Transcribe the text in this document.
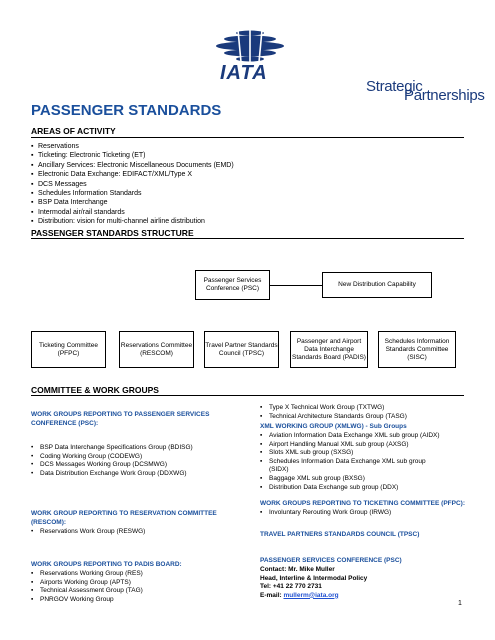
IATA
Strategic
Partnerships
PASSENGER STANDARDS
AREAS OF ACTIVITY
▪ Reservations
▪ Ticketing: Electronic Ticketing (ET)
▪ Ancillary Services: Electronic Miscellaneous Documents (EMD)
▪ Electronic Data Exchange: EDIFACT/XML/Type X
▪ DCS Messages
▪ Schedules Information Standards
▪ BSP Data Interchange
▪ Intermodal air/rail standards
▪ Distribution: vision for multi-channel airline distribution
PASSENGER STANDARDS STRUCTURE
Passenger Services Conference (PSC)
New Distribution Capability
Ticketing Committee (PFPC)
Reservations Committee (RESCOM)
Travel Partner Standards Council (TPSC)
Passenger and Airport Data Interchange Standards Board (PADIS)
Schedules Information Standards Committee (SISC)
COMMITTEE & WORK GROUPS
WORK GROUPS REPORTING TO PASSENGER SERVICES CONFERENCE (PSC):
• BSP Data Interchange Specifications Group (BDISG)
• Coding Working Group (CODEWG)
• DCS Messages Working Group (DCSMWG)
• Data Distribution Exchange Work Group (DDXWG)
WORK GROUP REPORTING TO RESERVATION COMMITTEE (RESCOM):
• Reservations Work Group (RESWG)
WORK GROUPS REPORTING TO PADIS BOARD:
▪ Reservations Working Group (RES)
▪ Airports Working Group (APTS)
▪ Technical Assessment Group (TAG)
▪ PNRGOV Working Group
▪ Type X Technical Work Group (TXTWG)
▪ Technical Architecture Standards Group (TASG)
XML WORKING GROUP (XMLWG) - Sub Groups
▪ Aviation Information Data Exchange XML sub group (AIDX)
▪ Airport Handling Manual XML sub group (AXSG)
▪ Slots XML sub group (SXSG)
▪ Schedules Information Data Exchange XML sub group
(SIDX)
▪ Baggage XML sub group (BXSG)
▪ Distribution Data Exchange sub group (DDX)
WORK GROUPS REPORTING TO TICKETING COMMITTEE (PFPC):
▪ Involuntary Rerouting Work Group (IRWG)
TRAVEL PARTNERS STANDARDS COUNCIL (TPSC)
PASSENGER SERVICES CONFERENCE (PSC)
Contact: Mr. Mike Muller
Head, Interline & Intermodal Policy
Tel: +41 22 770 2731
E-mail: mullerm@iata.org
1
